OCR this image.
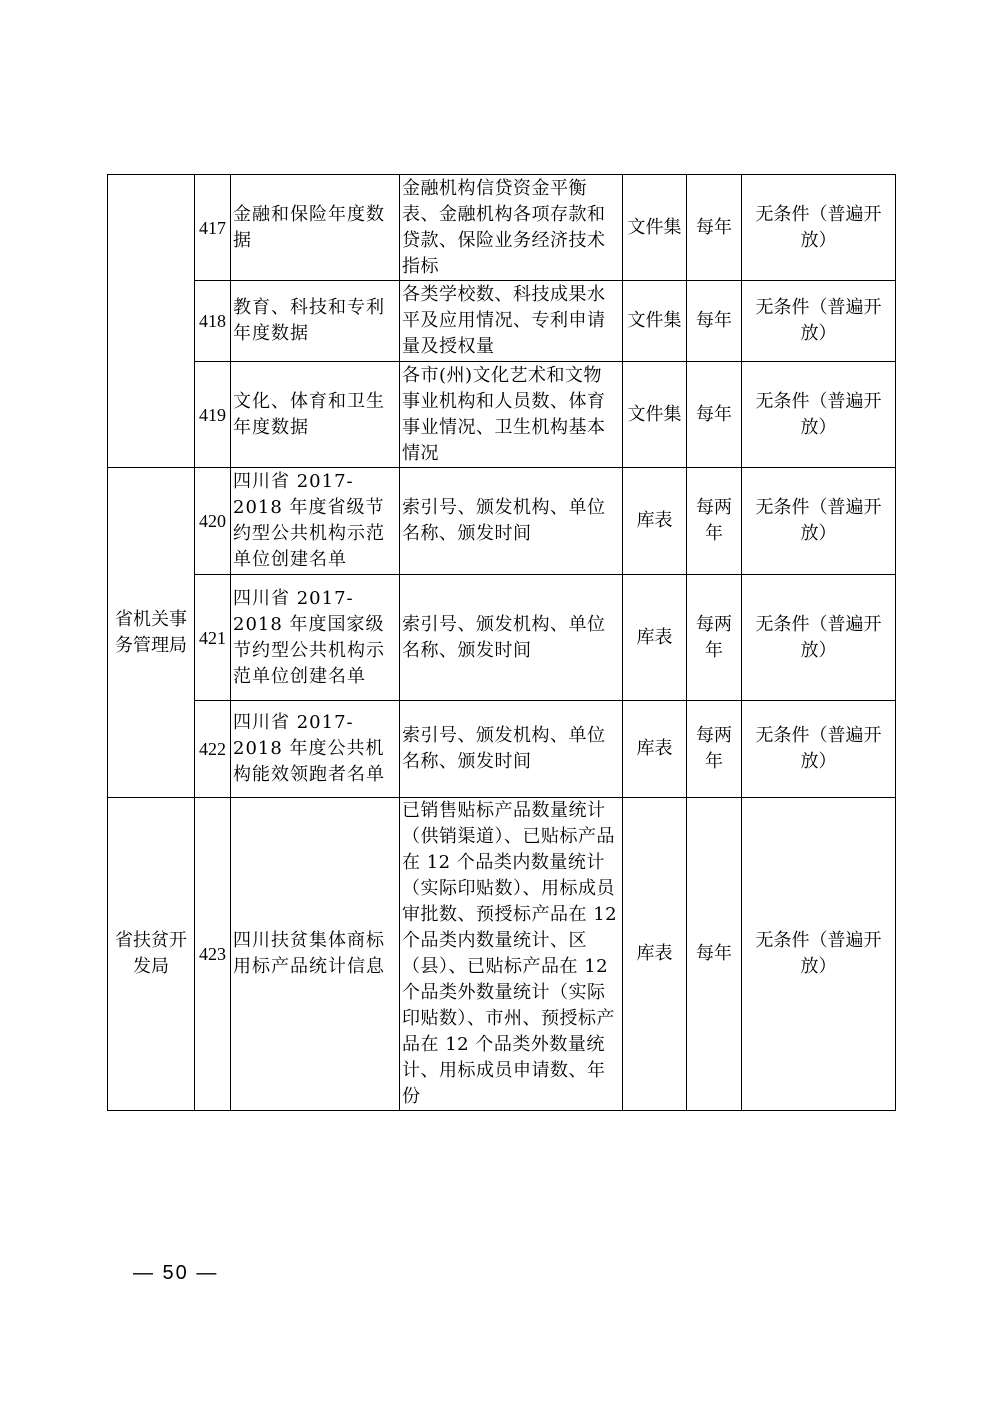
	417	金融和保险年度数据	金融机构信贷资金平衡表、金融机构各项存款和贷款、保险业务经济技术指标	文件集	每年	无条件（普遍开放）
	418	教育、科技和专利年度数据	各类学校数、科技成果水平及应用情况、专利申请量及授权量	文件集	每年	无条件（普遍开放）
	419	文化、体育和卫生年度数据	各市(州)文化艺术和文物事业机构和人员数、体育事业情况、卫生机构基本情况	文件集	每年	无条件（普遍开放）
省机关事务管理局	420	四川省 2017-2018 年度省级节约型公共机构示范单位创建名单	索引号、颁发机构、单位名称、颁发时间	库表	每两年	无条件（普遍开放）
	421	四川省 2017-2018 年度国家级节约型公共机构示范单位创建名单	索引号、颁发机构、单位名称、颁发时间	库表	每两年	无条件（普遍开放）
	422	四川省 2017-2018 年度公共机构能效领跑者名单	索引号、颁发机构、单位名称、颁发时间	库表	每两年	无条件（普遍开放）
省扶贫开发局	423	四川扶贫集体商标用标产品统计信息	已销售贴标产品数量统计（供销渠道）、已贴标产品在 12 个品类内数量统计（实际印贴数）、用标成员审批数、预授标产品在 12 个品类内数量统计、区（县）、已贴标产品在 12 个品类外数量统计（实际印贴数）、市州、预授标产品在 12 个品类外数量统计、用标成员申请数、年份	库表	每年	无条件（普遍开放）
— 50 —
